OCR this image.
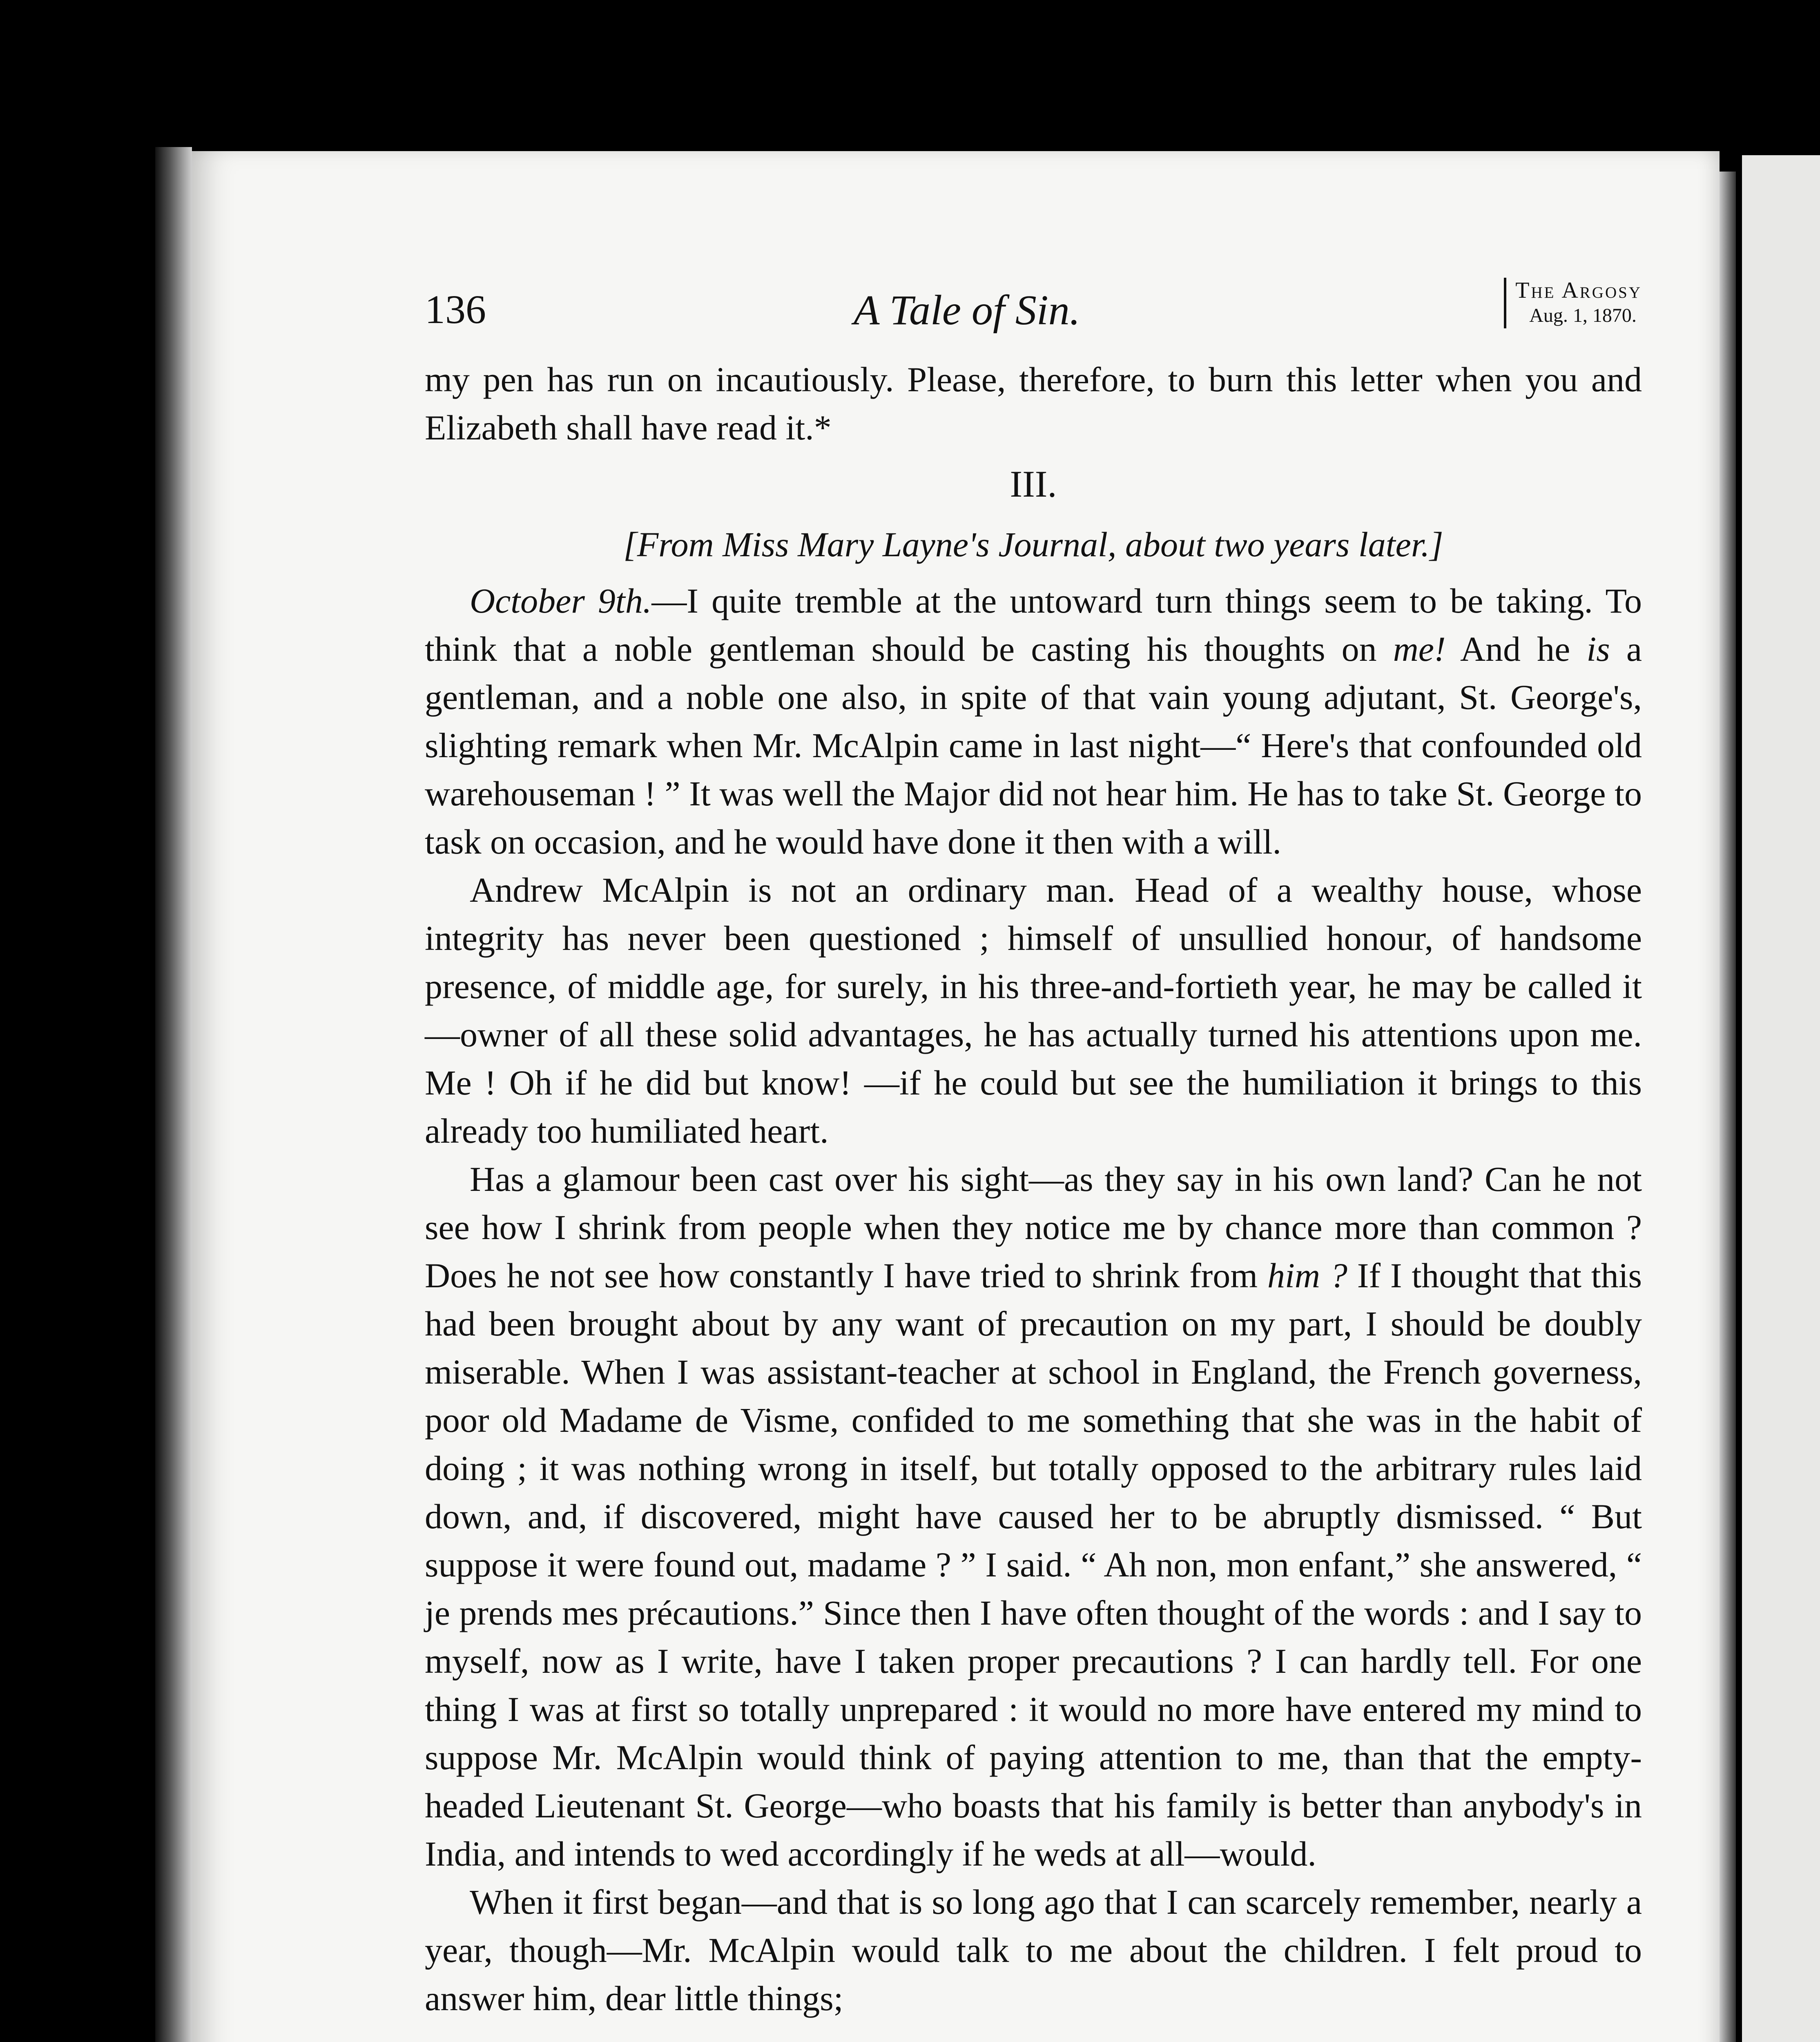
136	A Tale of Sin.	The Argosy
Aug. 1, 1870.

my pen has run on incautiously. Please, therefore, to burn this letter when you and Elizabeth shall have read it.*

III.

[From Miss Mary Layne's Journal, about two years later.]

October 9th.—I quite tremble at the untoward turn things seem to be taking. To think that a noble gentleman should be casting his thoughts on me! And he is a gentleman, and a noble one also, in spite of that vain young adjutant, St. George's, slighting remark when Mr. McAlpin came in last night—“ Here's that confounded old warehouseman ! ” It was well the Major did not hear him. He has to take St. George to task on occasion, and he would have done it then with a will.

Andrew McAlpin is not an ordinary man. Head of a wealthy house, whose integrity has never been questioned ; himself of unsullied honour, of handsome presence, of middle age, for surely, in his three-and-fortieth year, he may be called it—owner of all these solid advantages, he has actually turned his attentions upon me. Me ! Oh if he did but know! —if he could but see the humiliation it brings to this already too humiliated heart.

Has a glamour been cast over his sight—as they say in his own land? Can he not see how I shrink from people when they notice me by chance more than common ? Does he not see how constantly I have tried to shrink from him ? If I thought that this had been brought about by any want of precaution on my part, I should be doubly miserable. When I was assistant-teacher at school in England, the French governess, poor old Madame de Visme, confided to me something that she was in the habit of doing ; it was nothing wrong in itself, but totally opposed to the arbitrary rules laid down, and, if discovered, might have caused her to be abruptly dismissed. “ But suppose it were found out, madame ? ” I said. “ Ah non, mon enfant,” she answered, “ je prends mes précautions.” Since then I have often thought of the words : and I say to myself, now as I write, have I taken proper precautions ? I can hardly tell. For one thing I was at first so totally unprepared : it would no more have entered my mind to suppose Mr. McAlpin would think of paying attention to me, than that the empty-headed Lieutenant St. George—who boasts that his family is better than anybody's in India, and intends to wed accordingly if he weds at all—would.

When it first began—and that is so long ago that I can scarcely remember, nearly a year, though—Mr. McAlpin would talk to me about the children. I felt proud to answer him, dear little things;
